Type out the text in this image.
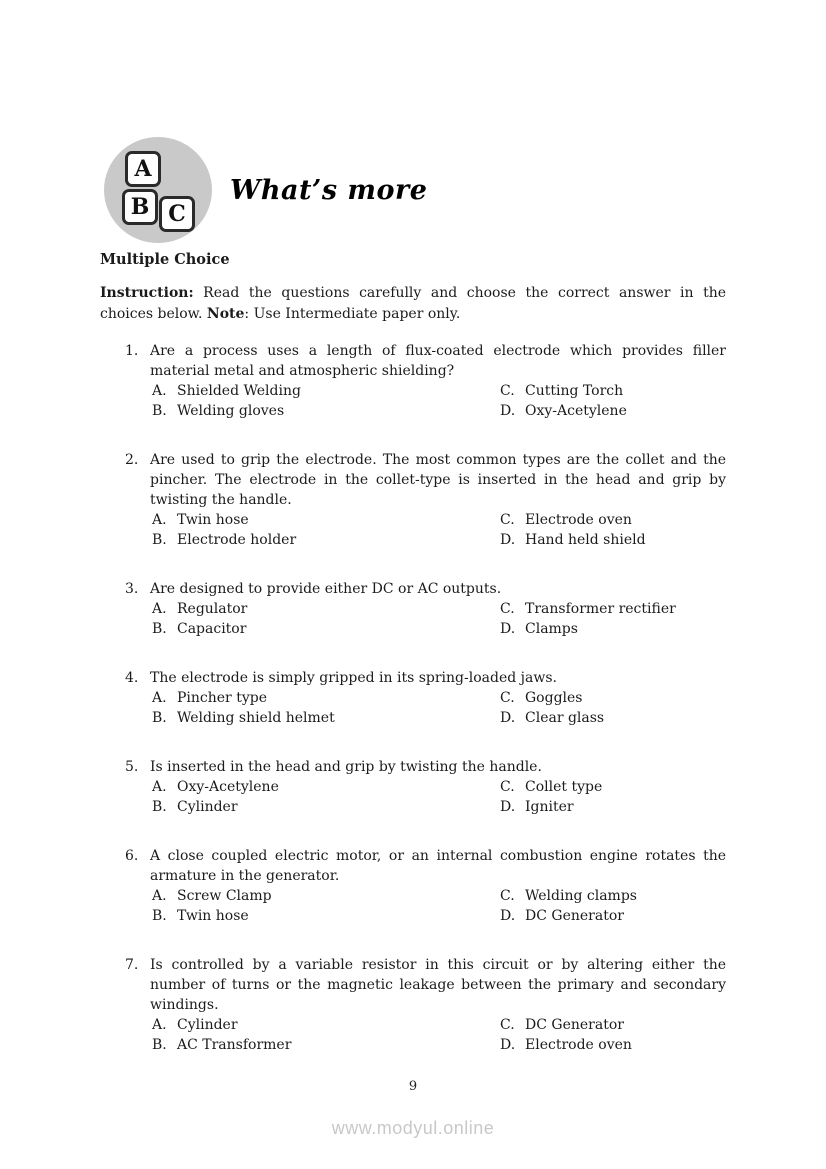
A
B C
What’s more
Multiple Choice

Instruction: Read the questions carefully and choose the correct answer in the choices below. Note: Use Intermediate paper only.

1. Are a process uses a length of flux-coated electrode which provides filler material metal and atmospheric shielding?
A. Shielded Welding	C. Cutting Torch
B. Welding gloves	D. Oxy-Acetylene
2. Are used to grip the electrode. The most common types are the collet and the pincher. The electrode in the collet-type is inserted in the head and grip by twisting the handle.
A. Twin hose	C. Electrode oven
B. Electrode holder	D. Hand held shield
3. Are designed to provide either DC or AC outputs.
A. Regulator	C. Transformer rectifier
B. Capacitor	D. Clamps
4. The electrode is simply gripped in its spring-loaded jaws.
A. Pincher type	C. Goggles
B. Welding shield helmet	D. Clear glass
5. Is inserted in the head and grip by twisting the handle.
A. Oxy-Acetylene	C. Collet type
B. Cylinder	D. Igniter
6. A close coupled electric motor, or an internal combustion engine rotates the armature in the generator.
A. Screw Clamp	C. Welding clamps
B. Twin hose	D. DC Generator
7. Is controlled by a variable resistor in this circuit or by altering either the number of turns or the magnetic leakage between the primary and secondary windings.
A. Cylinder	C. DC Generator
B. AC Transformer	D. Electrode oven
9
www.modyul.online
